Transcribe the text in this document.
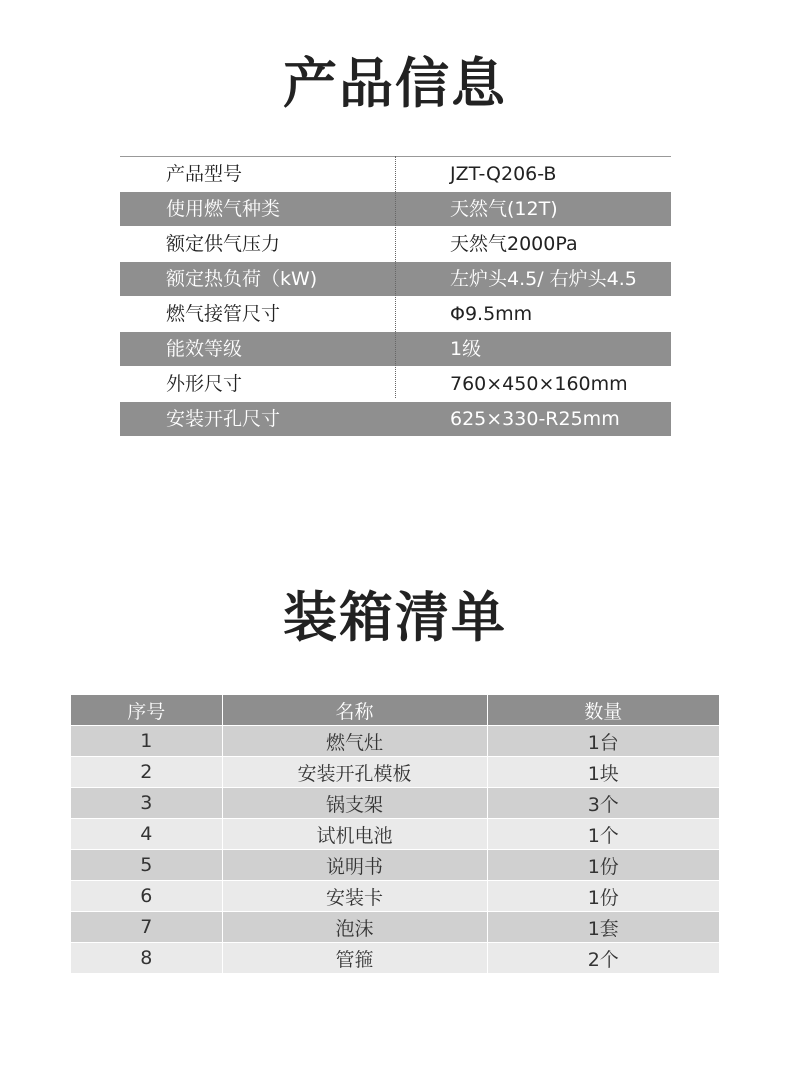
产品信息
产品型号	JZT-Q206-B
使用燃气种类	天然气(12T)
额定供气压力	天然气2000Pa
额定热负荷（kW)	左炉头4.5/ 右炉头4.5
燃气接管尺寸	Φ9.5mm
能效等级	1级
外形尺寸	760×450×160mm
安装开孔尺寸	625×330-R25mm
装箱清单
序号	名称	数量
1	燃气灶	1台
2	安装开孔模板	1块
3	锅支架	3个
4	试机电池	1个
5	说明书	1份
6	安装卡	1份
7	泡沫	1套
8	管箍	2个
